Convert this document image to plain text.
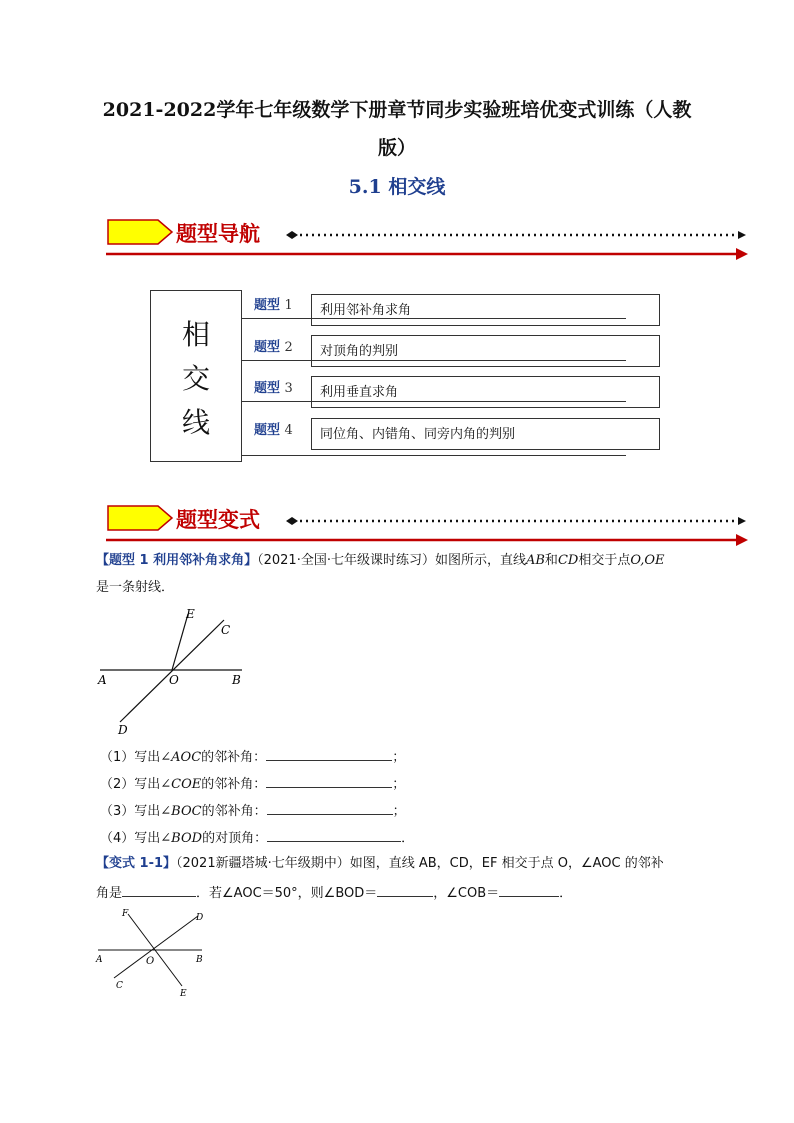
2021-2022学年七年级数学下册章节同步实验班培优变式训练（人教
版）
5.1 相交线
题型导航
相
交
线
题型 1	利用邻补角求角
题型 2	对顶角的判别
题型 3	利用垂直求角
题型 4	同位角、内错角、同旁内角的判别
题型变式
【题型 1 利用邻补角求角】（2021·全国·七年级课时练习）如图所示，直线AB和CD相交于点O,OE
是一条射线．
E
C
A	O	B
D
（1）写出∠AOC的邻补角：	；
（2）写出∠COE的邻补角：	；
（3）写出∠BOC的邻补角：	；
（4）写出∠BOD的对顶角：	．
【变式 1-1】（2021新疆塔城·七年级期中）如图，直线 AB，CD，EF 相交于点 O，∠AOC 的邻补
角是	．若∠AOC＝50°，则∠BOD＝	，∠COB＝	．
F	D
A	O	B
C
E
